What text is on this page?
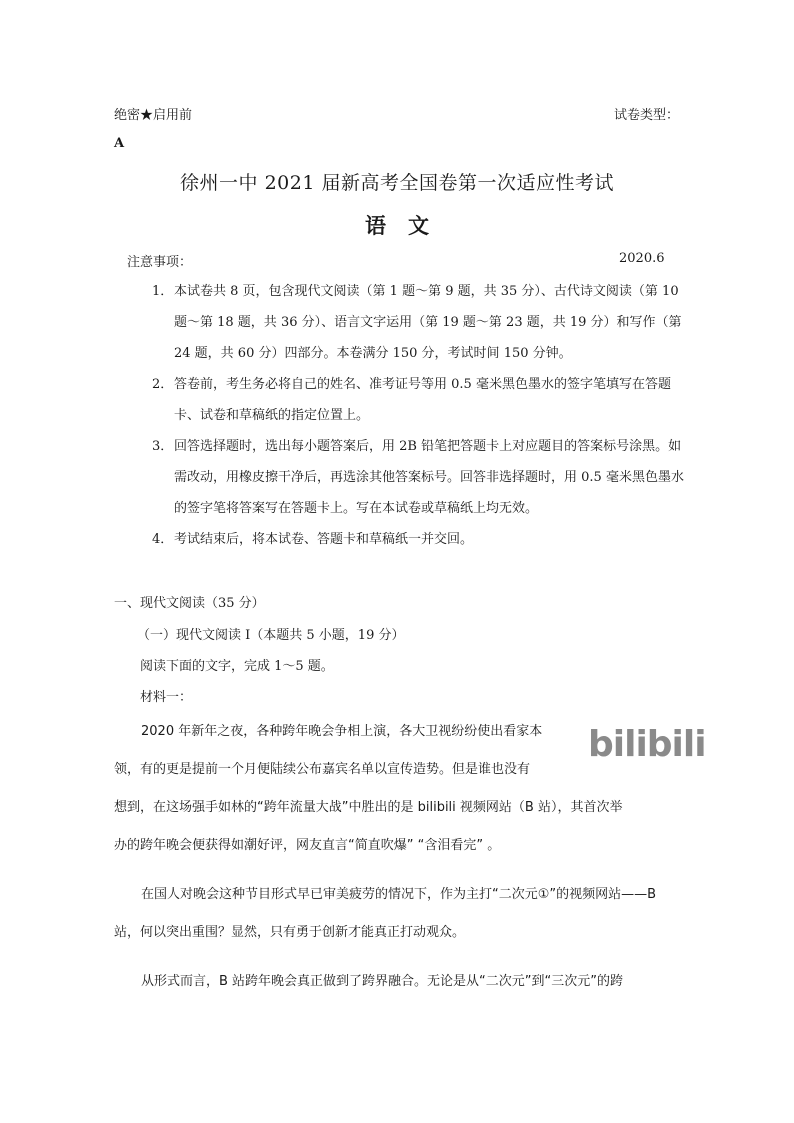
绝密★启用前	试卷类型：
A
徐州一中 2021 届新高考全国卷第一次适应性考试
语文
注意事项：	2020.6
1． 本试卷共 8 页，包含现代文阅读（第 1 题～第 9 题，共 35 分）、古代诗文阅读（第 10 题～第 18 题，共 36 分）、语言文字运用（第 19 题～第 23 题，共 19 分）和写作（第 24 题，共 60 分）四部分。本卷满分 150 分，考试时间 150 分钟。
2． 答卷前，考生务必将自己的姓名、准考证号等用 0.5 毫米黑色墨水的签字笔填写在答题卡、试卷和草稿纸的指定位置上。
3． 回答选择题时，选出每小题答案后，用 2B 铅笔把答题卡上对应题目的答案标号涂黑。如需改动，用橡皮擦干净后，再选涂其他答案标号。回答非选择题时，用 0.5 毫米黑色墨水的签字笔将答案写在答题卡上。写在本试卷或草稿纸上均无效。
4． 考试结束后，将本试卷、答题卡和草稿纸一并交回。
一、现代文阅读（35 分）
（一）现代文阅读 I（本题共 5 小题，19 分）
阅读下面的文字，完成 1～5 题。
材料一：

2020 年新年之夜，各种跨年晚会争相上演，各大卫视纷纷使出看家本
领，有的更是提前一个月便陆续公布嘉宾名单以宣传造势。但是谁也没有
想到，在这场强手如林的“跨年流量大战”中胜出的是 bilibili 视频网站（B 站），其首次举
办的跨年晚会便获得如潮好评，网友直言“简直吹爆” “含泪看完” 。

bilibili

在国人对晚会这种节目形式早已审美疲劳的情况下，作为主打“二次元①”的视频网站——B 站，何以突出重围？显然，只有勇于创新才能真正打动观众。

从形式而言，B 站跨年晚会真正做到了跨界融合。无论是从“二次元”到“三次元”的跨
